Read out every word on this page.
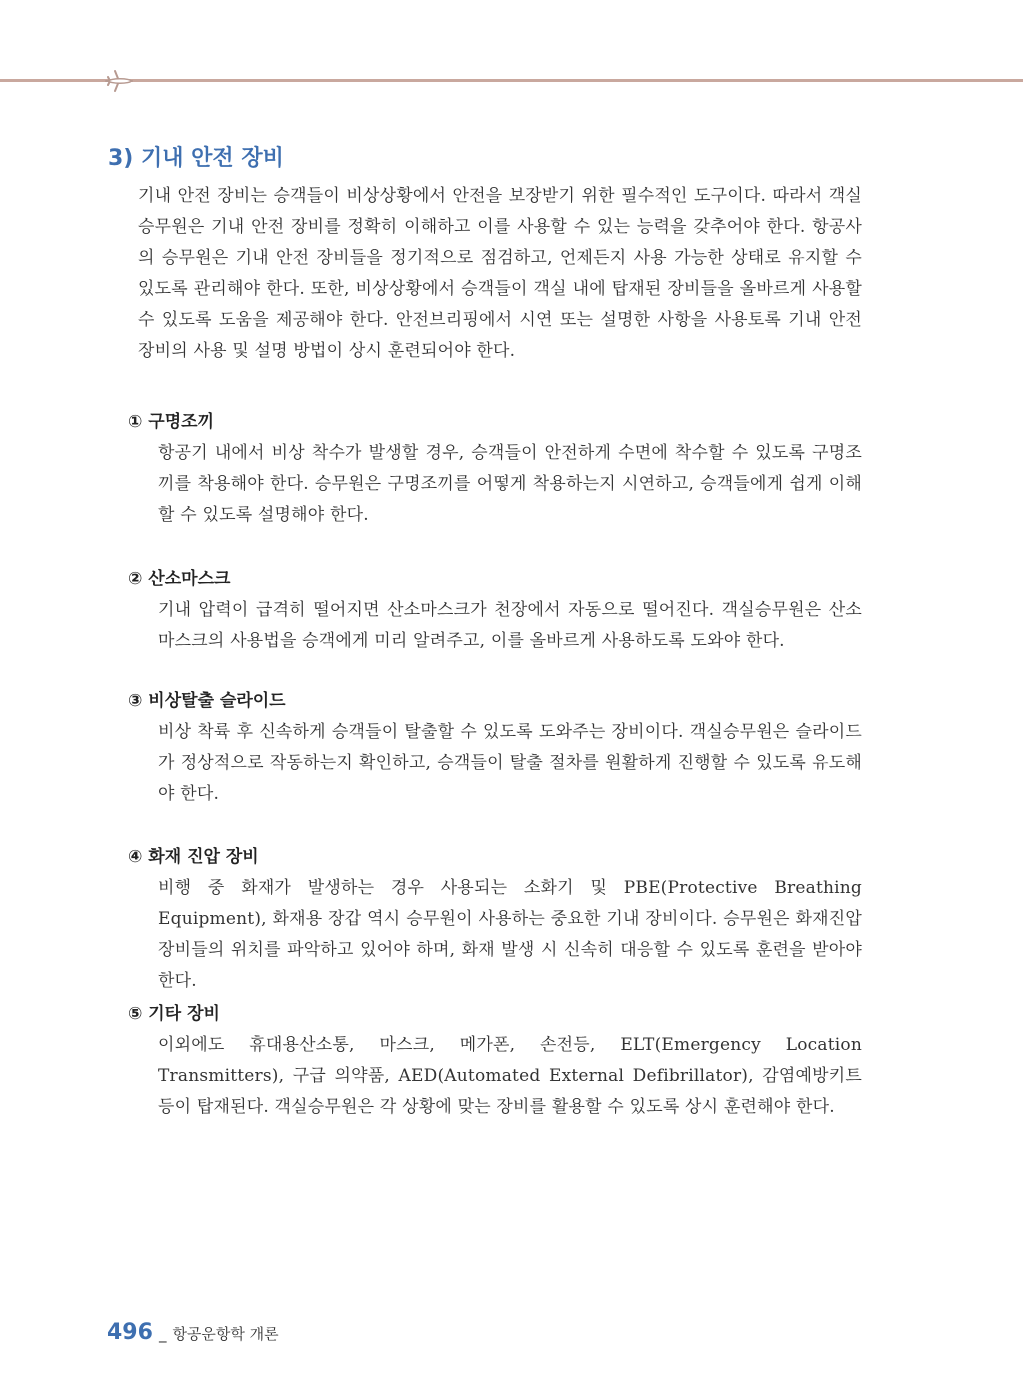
3) 기내 안전 장비

기내 안전 장비는 승객들이 비상상황에서 안전을 보장받기 위한 필수적인 도구이다. 따라서 객실승무원은 기내 안전 장비를 정확히 이해하고 이를 사용할 수 있는 능력을 갖추어야 한다. 항공사의 승무원은 기내 안전 장비들을 정기적으로 점검하고, 언제든지 사용 가능한 상태로 유지할 수 있도록 관리해야 한다. 또한, 비상상황에서 승객들이 객실 내에 탑재된 장비들을 올바르게 사용할 수 있도록 도움을 제공해야 한다. 안전브리핑에서 시연 또는 설명한 사항을 사용토록 기내 안전 장비의 사용 및 설명 방법이 상시 훈련되어야 한다.

① 구명조끼

항공기 내에서 비상 착수가 발생할 경우, 승객들이 안전하게 수면에 착수할 수 있도록 구명조끼를 착용해야 한다. 승무원은 구명조끼를 어떻게 착용하는지 시연하고, 승객들에게 쉽게 이해할 수 있도록 설명해야 한다.

② 산소마스크

기내 압력이 급격히 떨어지면 산소마스크가 천장에서 자동으로 떨어진다. 객실승무원은 산소마스크의 사용법을 승객에게 미리 알려주고, 이를 올바르게 사용하도록 도와야 한다.

③ 비상탈출 슬라이드

비상 착륙 후 신속하게 승객들이 탈출할 수 있도록 도와주는 장비이다. 객실승무원은 슬라이드가 정상적으로 작동하는지 확인하고, 승객들이 탈출 절차를 원활하게 진행할 수 있도록 유도해야 한다.

④ 화재 진압 장비

비행 중 화재가 발생하는 경우 사용되는 소화기 및 PBE(Protective Breathing Equipment), 화재용 장갑 역시 승무원이 사용하는 중요한 기내 장비이다. 승무원은 화재진압 장비들의 위치를 파악하고 있어야 하며, 화재 발생 시 신속히 대응할 수 있도록 훈련을 받아야 한다.

⑤ 기타 장비

이외에도 휴대용산소통, 마스크, 메가폰, 손전등, ELT(Emergency Location Transmitters), 구급 의약품, AED(Automated External Defibrillator), 감염예방키트 등이 탑재된다. 객실승무원은 각 상황에 맞는 장비를 활용할 수 있도록 상시 훈련해야 한다.

496 _ 항공운항학 개론
